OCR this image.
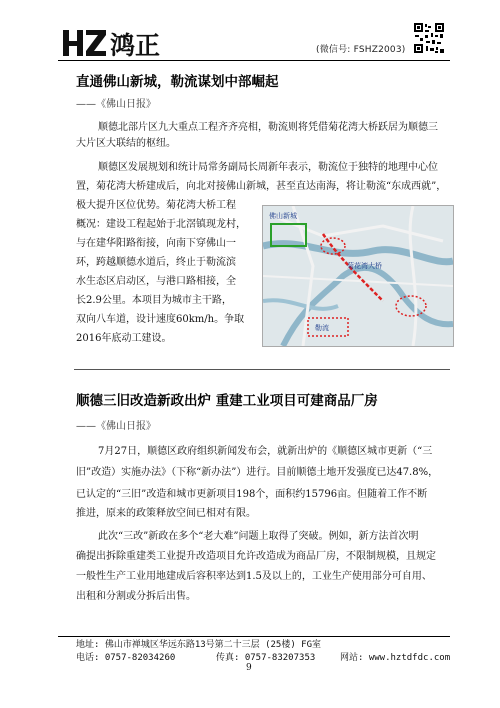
鸿正	(微信号: FSHZ2003)
直通佛山新城，勒流谋划中部崛起
——《佛山日报》
顺德北部片区九大重点工程齐齐亮相，勒流则将凭借菊花湾大桥跃居为顺德三
大片区大联结的枢纽。
顺德区发展规划和统计局常务副局长周新年表示，勒流位于独特的地理中心位
置，菊花湾大桥建成后，向北对接佛山新城，甚至直达南海，将让勒流“东成西就”，
极大提升区位优势。菊花湾大桥工程
概况：建设工程起始于北滘镇现龙村，
与在建华阳路衔接，向南下穿佛山一
环，跨越顺德水道后，终止于勒流滨
水生态区启动区，与港口路相接，全
长2.9公里。本项目为城市主干路，
双向八车道，设计速度60km/h。争取
2016年底动工建设。
佛山新城
菊花湾大桥
勒流
顺德三旧改造新政出炉 重建工业项目可建商品厂房
——《佛山日报》
7月27日，顺德区政府组织新闻发布会，就新出炉的《顺德区城市更新（“三
旧”改造）实施办法》（下称“新办法”）进行。目前顺德土地开发强度已达47.8%，
已认定的“三旧”改造和城市更新项目198个，面积约15796亩。但随着工作不断
推进，原来的政策释放空间已相对有限。
此次“三改”新政在多个“老大难”问题上取得了突破。例如，新方法首次明
确提出拆除重建类工业提升改造项目允许改造成为商品厂房，不限制规模，且规定
一般性生产工业用地建成后容积率达到1.5及以上的，工业生产使用部分可自用、
出租和分割或分拆后出售。
地址: 佛山市禅城区华远东路13号第二十三层 (25楼) FG室
电话: 0757-82034260	传真: 0757-83207353	网站: www.hztdfdc.com
9
